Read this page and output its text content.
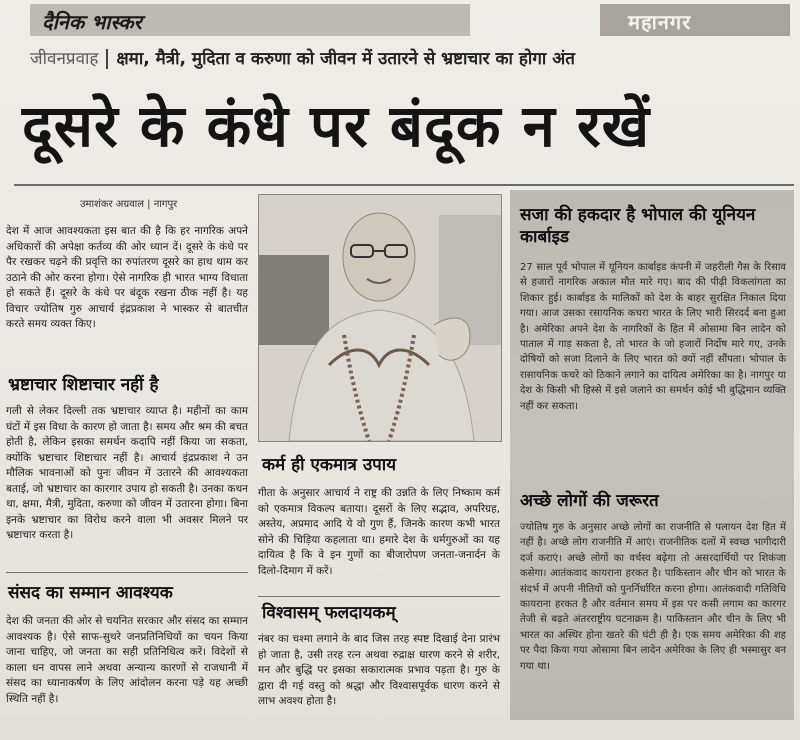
दैनिक भास्कर	महानगर
जीवनप्रवाह क्षमा, मैत्री, मुदिता व करुणा को जीवन में उतारने से भ्रष्टाचार का होगा अंत
दूसरे के कंधे पर बंदूक न रखें
उमाशंकर अग्रवाल | नागपुर

देश में आज आवश्यकता इस बात की है कि हर नागरिक अपने अधिकारों की अपेक्षा कर्तव्य की ओर ध्यान दें। दूसरे के कंधे पर पैर रखकर चढ़ने की प्रवृत्ति का रुपांतरण दूसरे का हाथ थाम कर उठाने की ओर करना होगा। ऐसे नागरिक ही भारत भाग्य विधाता हो सकते हैं। दूसरे के कंधे पर बंदूक रखना ठीक नहीं है। यह विचार ज्योतिष गुरु आचार्य इंद्रप्रकाश ने भास्कर से बातचीत करते समय व्यक्त किए।

भ्रष्टाचार शिष्टाचार नहीं है

गली से लेकर दिल्ली तक भ्रष्टाचार व्याप्त है। महीनों का काम घंटों में इस विधा के कारण हो जाता है। समय और श्रम की बचत होती है, लेकिन इसका समर्थन कदापि नहीं किया जा सकता, क्योंकि भ्रष्टाचार शिष्टाचार नहीं है। आचार्य इंद्रप्रकाश ने उन मौलिक भावनाओं को पुनः जीवन में उतारने की आवश्यकता बताई, जो भ्रष्टाचार का कारगार उपाय हो सकती है। उनका कथन था, क्षमा, मैत्री, मुदिता, करुणा को जीवन में उतारना होगा। बिना इनके भ्रष्टाचार का विरोध करने वाला भी अवसर मिलने पर भ्रष्टाचार करता है।

संसद का सम्मान आवश्यक

देश की जनता की ओर से चयनित सरकार और संसद का सम्मान आवश्यक है। ऐसे साफ-सुथरे जनप्रतिनिधियों का चयन किया जाना चाहिए, जो जनता का सही प्रतिनिधित्व करें। विदेशों से काला धन वापस लाने अथवा अन्यान्य कारणों से राजधानी में संसद का ध्यानाकर्षण के लिए आंदोलन करना पड़े यह अच्छी स्थिति नहीं है।

कर्म ही एकमात्र उपाय

गीता के अनुसार आचार्य ने राष्ट्र की उन्नति के लिए निष्काम कर्म को एकमात्र विकल्प बताया। दूसरों के लिए सद्भाव, अपरिग्रह, अस्तेय, अप्रमाद आदि ये वो गुण हैं, जिनके कारण कभी भारत सोने की चिड़िया कहलाता था। हमारे देश के धर्मगुरुओं का यह दायित्व है कि वे इन गुणों का बीजारोपण जनता-जनार्दन के दिलो-दिमाग में करें।

विश्वासम् फलदायकम्

नंबर का चश्मा लगाने के बाद जिस तरह स्पष्ट दिखाई देना प्रारंभ हो जाता है, उसी तरह रत्न अथवा रुद्राक्ष धारण करने से शरीर, मन और बुद्धि पर इसका सकारात्मक प्रभाव पड़ता है। गुरु के द्वारा दी गई वस्तु को श्रद्धा और विश्वासपूर्वक धारण करने से लाभ अवश्य होता है।

सजा की हकदार है भोपाल की यूनियन कार्बाइड

27 साल पूर्व भोपाल में यूनियन कार्बाइड कंपनी में जहरीली गैस के रिसाव से हजारों नागरिक अकाल मौत मारे गए। बाद की पीढ़ी विकलांगता का शिकार हुई। कार्बाइड के मालिकों को देश के बाहर सुरक्षित निकाल दिया गया। आज उसका रसायनिक कचरा भारत के लिए भारी सिरदर्द बना हुआ है। अमेरिका अपने देश के नागरिकों के हित में ओसामा बिन लादेन को पाताल में गाड़ सकता है, तो भारत के जो हजारों निर्दोष मारे गए, उनके दोषियों को सजा दिलाने के लिए भारत को क्यों नहीं सौंपता। भोपाल के रासायनिक कचरे को ठिकाने लगाने का दायित्व अमेरिका का है। नागपुर या देश के किसी भी हिस्से में इसे जलाने का समर्थन कोई भी बुद्धिमान व्यक्ति नहीं कर सकता।

अच्छे लोगों की जरूरत

ज्योतिष गुरु के अनुसार अच्छे लोगों का राजनीति से पलायन देश हित में नहीं है। अच्छे लोग राजनीति में आएं। राजनीतिक दलों में स्वच्छ भागीदारी दर्ज कराएं। अच्छे लोगों का वर्चस्व बढ़ेगा तो असरदार्थियों पर शिकंजा कसेगा। आतंकवाद कायराना हरकत है। पाकिस्तान और चीन को भारत के संदर्भ में अपनी नीतियों को पुनर्निर्धारित करना होगा। आतंकवादी गतिविधि कायराना हरकत है और वर्तमान समय में इस पर कसी लगाम का कारगर तेजी से बढ़ते अंतरराष्ट्रीय घटनाक्रम है। पाकिस्तान और चीन के लिए भी भारत का अस्थिर होना खतरे की घंटी ही है। एक समय अमेरिका की शह पर पैदा किया गया ओसामा बिन लादेन अमेरिका के लिए ही भस्मासुर बन गया था।
